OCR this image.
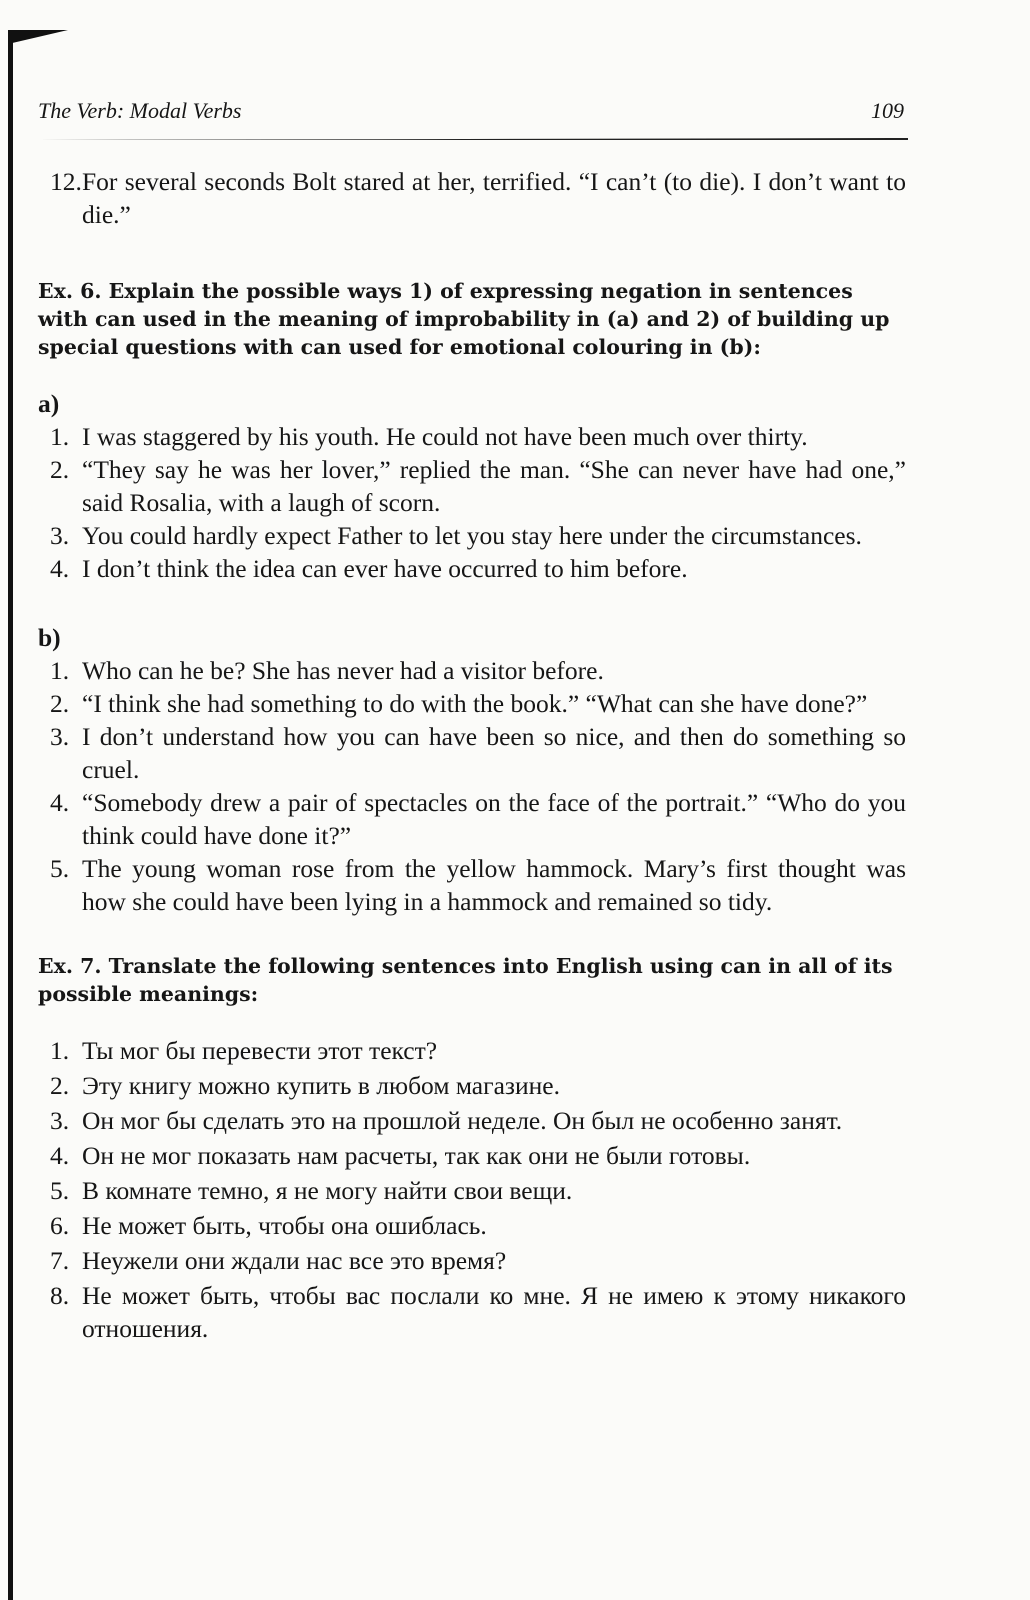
The Verb: Modal Verbs	109
12. For several seconds Bolt stared at her, terrified. “I can’t (to die). I don’t want to die.”
Ex. 6. Explain the possible ways 1) of expressing negation in sentences with can used in the meaning of improbability in (a) and 2) of building up special questions with can used for emotional colouring in (b):
a)
1. I was staggered by his youth. He could not have been much over thirty.
2. “They say he was her lover,” replied the man. “She can never have had one,” said Rosalia, with a laugh of scorn.
3. You could hardly expect Father to let you stay here under the circumstances.
4. I don’t think the idea can ever have occurred to him before.
b)
1. Who can he be? She has never had a visitor before.
2. “I think she had something to do with the book.” “What can she have done?”
3. I don’t understand how you can have been so nice, and then do something so cruel.
4. “Somebody drew a pair of spectacles on the face of the portrait.” “Who do you think could have done it?”
5. The young woman rose from the yellow hammock. Mary’s first thought was how she could have been lying in a hammock and remained so tidy.
Ex. 7. Translate the following sentences into English using can in all of its possible meanings:
1. Ты мог бы перевести этот текст?
2. Эту книгу можно купить в любом магазине.
3. Он мог бы сделать это на прошлой неделе. Он был не особенно занят.
4. Он не мог показать нам расчеты, так как они не были готовы.
5. В комнате темно, я не могу найти свои вещи.
6. Не может быть, чтобы она ошиблась.
7. Неужели они ждали нас все это время?
8. Не может быть, чтобы вас послали ко мне. Я не имею к этому никакого отношения.
